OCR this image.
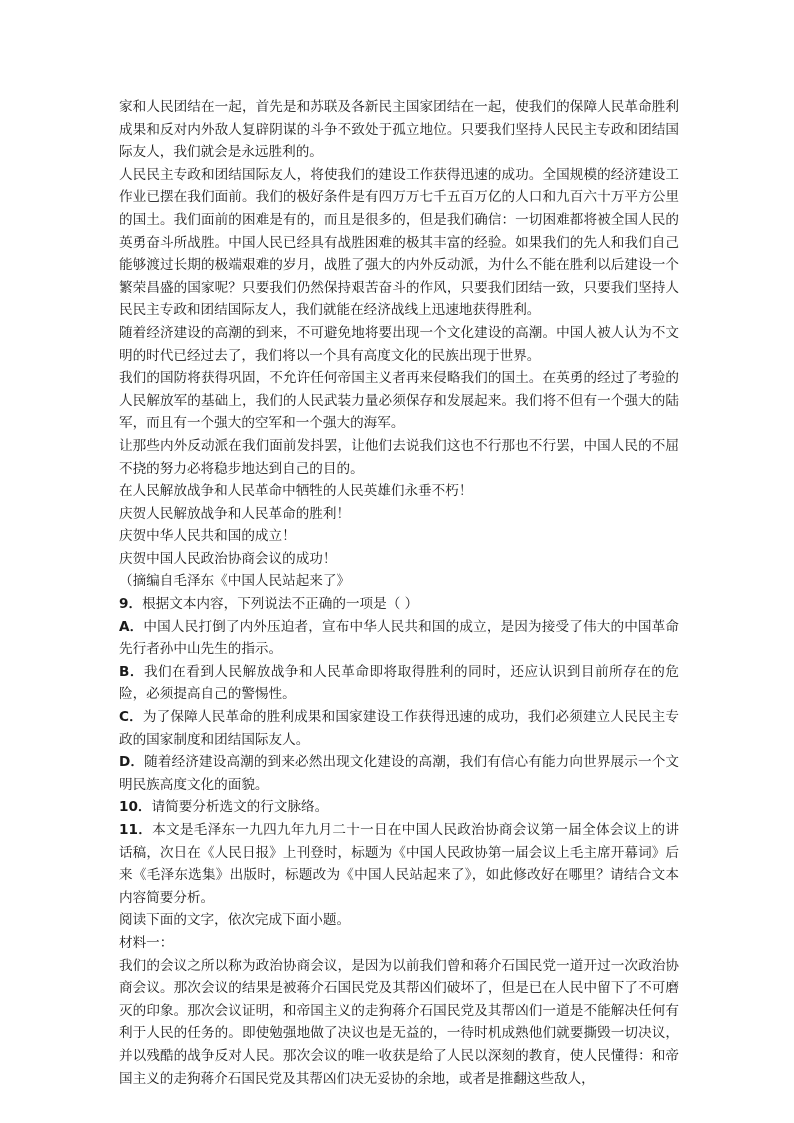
家和人民团结在一起，首先是和苏联及各新民主国家团结在一起，使我们的保障人民革命胜利成果和反对内外敌人复辟阴谋的斗争不致处于孤立地位。只要我们坚持人民民主专政和团结国际友人，我们就会是永远胜利的。

人民民主专政和团结国际友人，将使我们的建设工作获得迅速的成功。全国规模的经济建设工作业已摆在我们面前。我们的极好条件是有四万万七千五百万亿的人口和九百六十万平方公里的国土。我们面前的困难是有的，而且是很多的，但是我们确信：一切困难都将被全国人民的英勇奋斗所战胜。中国人民已经具有战胜困难的极其丰富的经验。如果我们的先人和我们自己能够渡过长期的极端艰难的岁月，战胜了强大的内外反动派，为什么不能在胜利以后建设一个繁荣昌盛的国家呢？只要我们仍然保持艰苦奋斗的作风，只要我们团结一致，只要我们坚持人民民主专政和团结国际友人，我们就能在经济战线上迅速地获得胜利。

随着经济建设的高潮的到来，不可避免地将要出现一个文化建设的高潮。中国人被人认为不文明的时代已经过去了，我们将以一个具有高度文化的民族出现于世界。

我们的国防将获得巩固，不允许任何帝国主义者再来侵略我们的国土。在英勇的经过了考验的人民解放军的基础上，我们的人民武装力量必须保存和发展起来。我们将不但有一个强大的陆军，而且有一个强大的空军和一个强大的海军。

让那些内外反动派在我们面前发抖罢，让他们去说我们这也不行那也不行罢，中国人民的不屈不挠的努力必将稳步地达到自己的目的。

在人民解放战争和人民革命中牺牲的人民英雄们永垂不朽！

庆贺人民解放战争和人民革命的胜利！

庆贺中华人民共和国的成立！

庆贺中国人民政治协商会议的成功！

（摘编自毛泽东《中国人民站起来了》

9．根据文本内容，下列说法不正确的一项是（ ）

A．中国人民打倒了内外压迫者，宣布中华人民共和国的成立，是因为接受了伟大的中国革命先行者孙中山先生的指示。

B．我们在看到人民解放战争和人民革命即将取得胜利的同时，还应认识到目前所存在的危险，必须提高自己的警惕性。

C．为了保障人民革命的胜利成果和国家建设工作获得迅速的成功，我们必须建立人民民主专政的国家制度和团结国际友人。

D．随着经济建设高潮的到来必然出现文化建设的高潮，我们有信心有能力向世界展示一个文明民族高度文化的面貌。

10．请简要分析选文的行文脉络。

11．本文是毛泽东一九四九年九月二十一日在中国人民政治协商会议第一届全体会议上的讲话稿，次日在《人民日报》上刊登时，标题为《中国人民政协第一届会议上毛主席开幕词》后来《毛泽东选集》出版时，标题改为《中国人民站起来了》，如此修改好在哪里？请结合文本内容简要分析。

阅读下面的文字，依次完成下面小题。

材料一：

我们的会议之所以称为政治协商会议，是因为以前我们曾和蒋介石国民党一道开过一次政治协商会议。那次会议的结果是被蒋介石国民党及其帮凶们破坏了，但是已在人民中留下了不可磨灭的印象。那次会议证明，和帝国主义的走狗蒋介石国民党及其帮凶们一道是不能解决任何有利于人民的任务的。即使勉强地做了决议也是无益的，一待时机成熟他们就要撕毁一切决议，并以残酷的战争反对人民。那次会议的唯一收获是给了人民以深刻的教育，使人民懂得：和帝国主义的走狗蒋介石国民党及其帮凶们决无妥协的余地，或者是推翻这些敌人，
